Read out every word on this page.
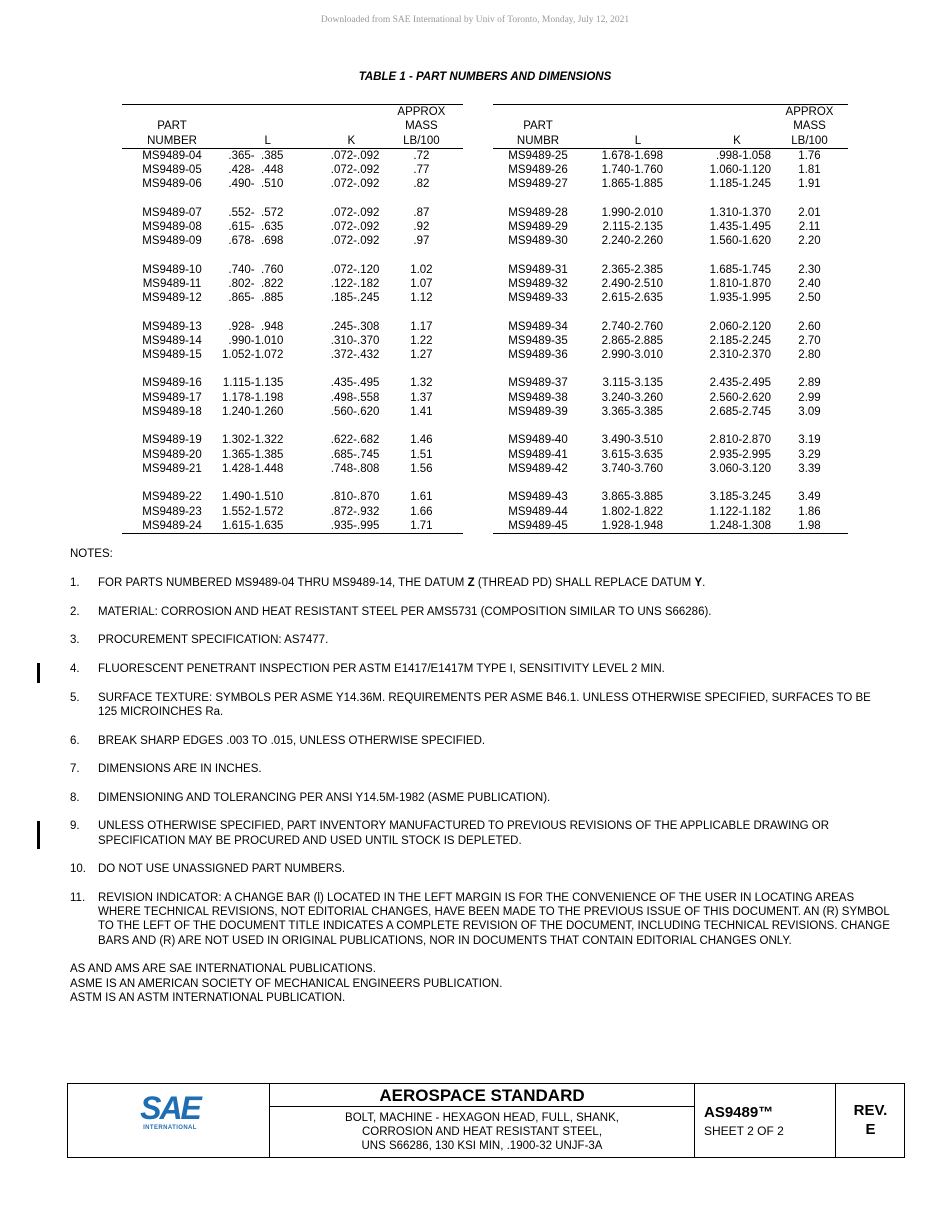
Downloaded from SAE International by Univ of Toronto, Monday, July 12, 2021
TABLE 1 - PART NUMBERS AND DIMENSIONS

PART
NUMBER	L	K	APPROX
MASS
LB/100
MS9489-04	.365-  .385	.072-.092	.72
MS9489-05	.428-  .448	.072-.092	.77
MS9489-06	.490-  .510	.072-.092	.82

MS9489-07	.552-  .572	.072-.092	.87
MS9489-08	.615-  .635	.072-.092	.92
MS9489-09	.678-  .698	.072-.092	.97

MS9489-10	.740-  .760	.072-.120	1.02
MS9489-11	.802-  .822	.122-.182	1.07
MS9489-12	.865-  .885	.185-.245	1.12

MS9489-13	.928-  .948	.245-.308	1.17
MS9489-14	.990-1.010	.310-.370	1.22
MS9489-15	1.052-1.072	.372-.432	1.27

MS9489-16	1.115-1.135	.435-.495	1.32
MS9489-17	1.178-1.198	.498-.558	1.37
MS9489-18	1.240-1.260	.560-.620	1.41

MS9489-19	1.302-1.322	.622-.682	1.46
MS9489-20	1.365-1.385	.685-.745	1.51
MS9489-21	1.428-1.448	.748-.808	1.56

MS9489-22	1.490-1.510	.810-.870	1.61
MS9489-23	1.552-1.572	.872-.932	1.66
MS9489-24	1.615-1.635	.935-.995	1.71

PART
NUMBR	L	K	APPROX
MASS
LB/100
MS9489-25	1.678-1.698	.998-1.058	1.76
MS9489-26	1.740-1.760	1.060-1.120	1.81
MS9489-27	1.865-1.885	1.185-1.245	1.91

MS9489-28	1.990-2.010	1.310-1.370	2.01
MS9489-29	2.115-2.135	1.435-1.495	2.11
MS9489-30	2.240-2.260	1.560-1.620	2.20

MS9489-31	2.365-2.385	1.685-1.745	2.30
MS9489-32	2.490-2.510	1.810-1.870	2.40
MS9489-33	2.615-2.635	1.935-1.995	2.50

MS9489-34	2.740-2.760	2.060-2.120	2.60
MS9489-35	2.865-2.885	2.185-2.245	2.70
MS9489-36	2.990-3.010	2.310-2.370	2.80

MS9489-37	3.115-3.135	2.435-2.495	2.89
MS9489-38	3.240-3.260	2.560-2.620	2.99
MS9489-39	3.365-3.385	2.685-2.745	3.09

MS9489-40	3.490-3.510	2.810-2.870	3.19
MS9489-41	3.615-3.635	2.935-2.995	3.29
MS9489-42	3.740-3.760	3.060-3.120	3.39

MS9489-43	3.865-3.885	3.185-3.245	3.49
MS9489-44	1.802-1.822	1.122-1.182	1.86
MS9489-45	1.928-1.948	1.248-1.308	1.98
NOTES:
1.	FOR PARTS NUMBERED MS9489-04 THRU MS9489-14, THE DATUM Z (THREAD PD) SHALL REPLACE DATUM Y.
2.	MATERIAL: CORROSION AND HEAT RESISTANT STEEL PER AMS5731 (COMPOSITION SIMILAR TO UNS S66286).
3.	PROCUREMENT SPECIFICATION: AS7477.
4.	FLUORESCENT PENETRANT INSPECTION PER ASTM E1417/E1417M TYPE I, SENSITIVITY LEVEL 2 MIN.
5.	SURFACE TEXTURE: SYMBOLS PER ASME Y14.36M. REQUIREMENTS PER ASME B46.1. UNLESS OTHERWISE SPECIFIED, SURFACES TO BE 125 MICROINCHES Ra.
6.	BREAK SHARP EDGES .003 TO .015, UNLESS OTHERWISE SPECIFIED.
7.	DIMENSIONS ARE IN INCHES.
8.	DIMENSIONING AND TOLERANCING PER ANSI Y14.5M-1982 (ASME PUBLICATION).
9.	UNLESS OTHERWISE SPECIFIED, PART INVENTORY MANUFACTURED TO PREVIOUS REVISIONS OF THE APPLICABLE DRAWING OR SPECIFICATION MAY BE PROCURED AND USED UNTIL STOCK IS DEPLETED.
10.	DO NOT USE UNASSIGNED PART NUMBERS.
11.	REVISION INDICATOR: A CHANGE BAR (l) LOCATED IN THE LEFT MARGIN IS FOR THE CONVENIENCE OF THE USER IN LOCATING AREAS WHERE TECHNICAL REVISIONS, NOT EDITORIAL CHANGES, HAVE BEEN MADE TO THE PREVIOUS ISSUE OF THIS DOCUMENT. AN (R) SYMBOL TO THE LEFT OF THE DOCUMENT TITLE INDICATES A COMPLETE REVISION OF THE DOCUMENT, INCLUDING TECHNICAL REVISIONS. CHANGE BARS AND (R) ARE NOT USED IN ORIGINAL PUBLICATIONS, NOR IN DOCUMENTS THAT CONTAIN EDITORIAL CHANGES ONLY.
AS AND AMS ARE SAE INTERNATIONAL PUBLICATIONS.
ASME IS AN AMERICAN SOCIETY OF MECHANICAL ENGINEERS PUBLICATION.
ASTM IS AN ASTM INTERNATIONAL PUBLICATION.
SAE
INTERNATIONAL
AEROSPACE STANDARD
BOLT, MACHINE - HEXAGON HEAD, FULL, SHANK,
CORROSION AND HEAT RESISTANT STEEL,
UNS S66286, 130 KSI MIN, .1900-32 UNJF-3A
AS9489™
SHEET 2 OF 2
REV.
E
